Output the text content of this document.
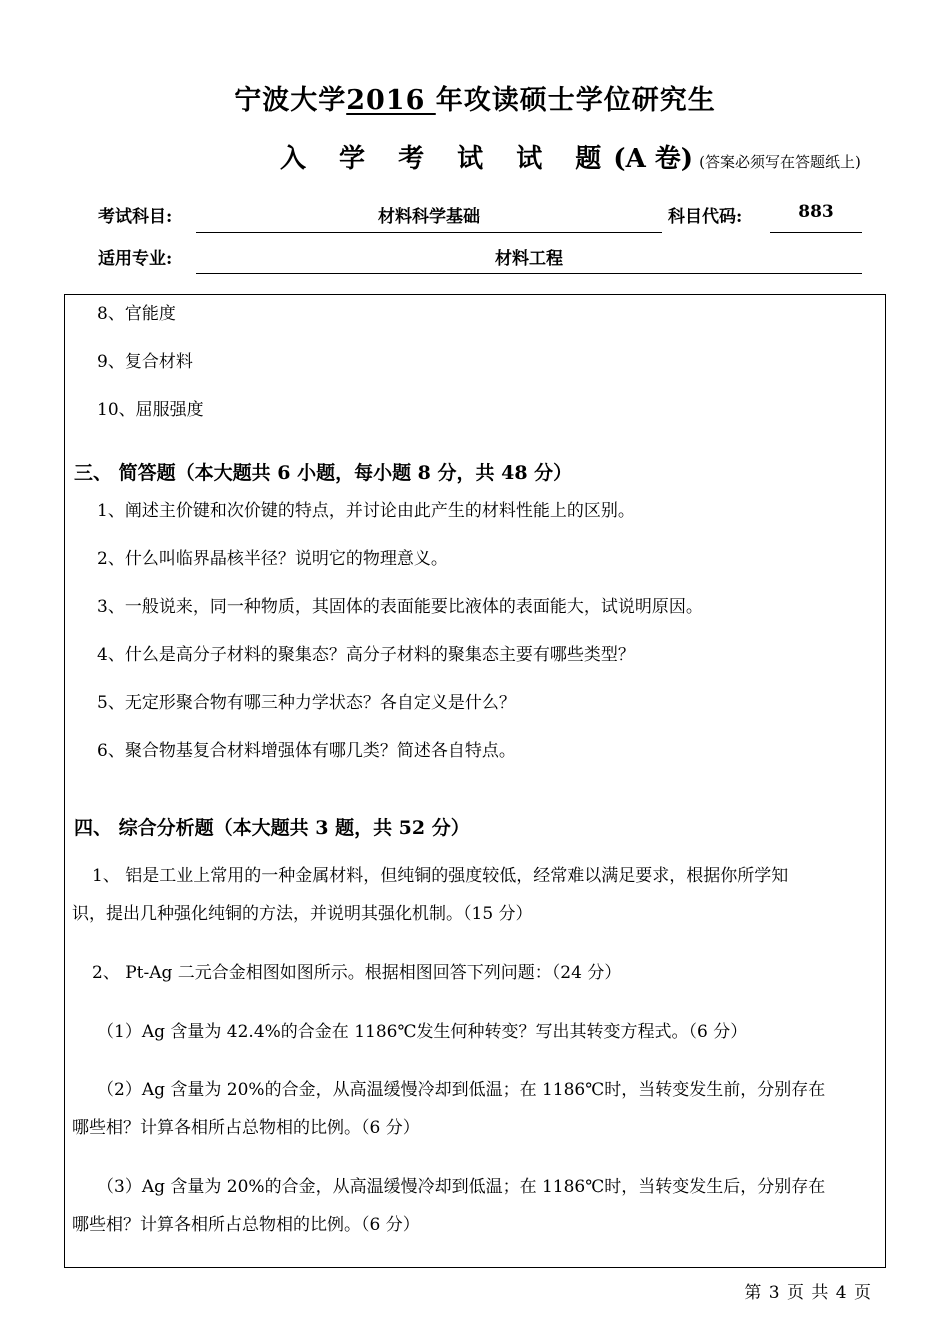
宁波大学2016 年攻读硕士学位研究生
入 学 考 试 试 题(A 卷) (答案必须写在答题纸上)
考试科目:	材料科学基础	科目代码:	883
适用专业:	材料工程
8、官能度
9、复合材料
10、屈服强度
三、 简答题（本大题共 6 小题，每小题 8 分，共 48 分）
1、阐述主价键和次价键的特点，并讨论由此产生的材料性能上的区别。
2、什么叫临界晶核半径？说明它的物理意义。
3、一般说来，同一种物质，其固体的表面能要比液体的表面能大，试说明原因。
4、什么是高分子材料的聚集态？高分子材料的聚集态主要有哪些类型？
5、无定形聚合物有哪三种力学状态？各自定义是什么？
6、聚合物基复合材料增强体有哪几类？简述各自特点。
四、 综合分析题（本大题共 3 题，共 52 分）
1、 铝是工业上常用的一种金属材料，但纯铜的强度较低，经常难以满足要求，根据你所学知
识，提出几种强化纯铜的方法，并说明其强化机制。（15 分）
2、 Pt-Ag 二元合金相图如图所示。根据相图回答下列问题：（24 分）
（1）Ag 含量为 42.4%的合金在 1186℃发生何种转变？写出其转变方程式。（6 分）
（2）Ag 含量为 20%的合金，从高温缓慢冷却到低温；在 1186℃时，当转变发生前，分别存在
哪些相？计算各相所占总物相的比例。（6 分）
（3）Ag 含量为 20%的合金，从高温缓慢冷却到低温；在 1186℃时，当转变发生后，分别存在
哪些相？计算各相所占总物相的比例。（6 分）
第 3 页 共 4 页
